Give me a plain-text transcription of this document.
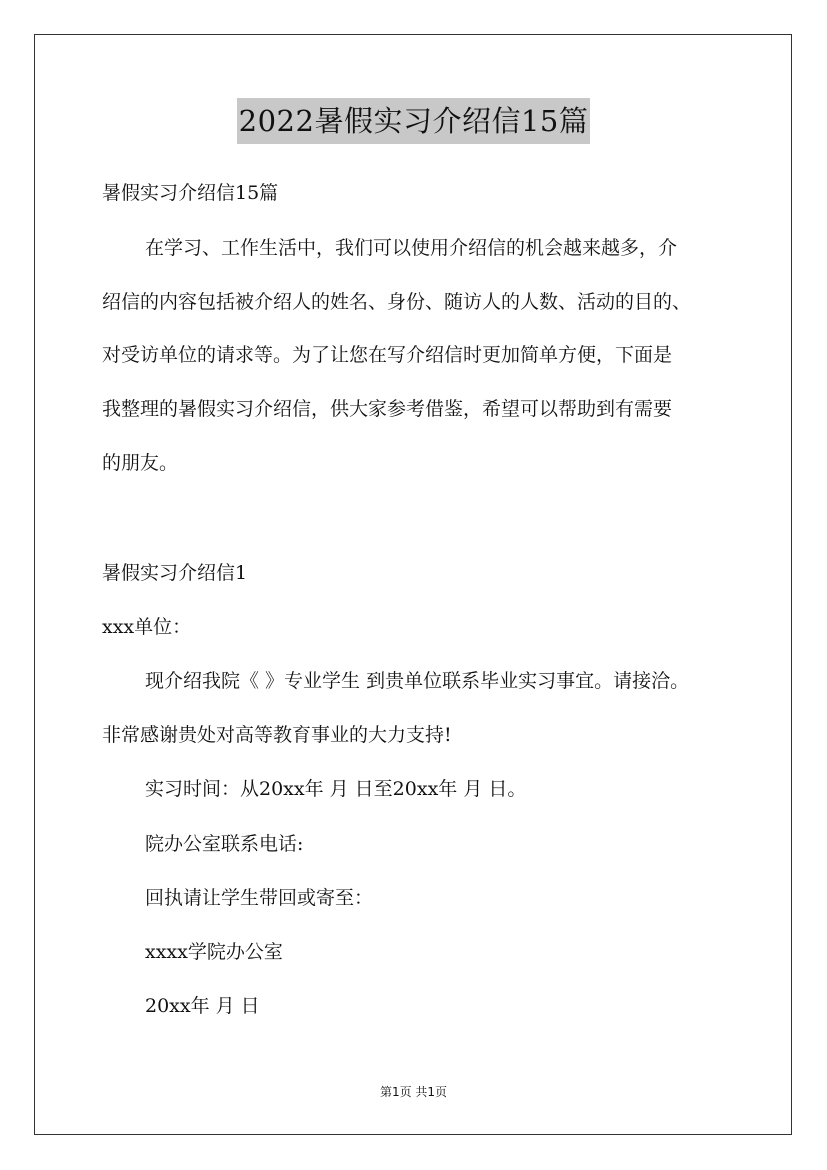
2022暑假实习介绍信15篇
暑假实习介绍信15篇
在学习、工作生活中，我们可以使用介绍信的机会越来越多，介
绍信的内容包括被介绍人的姓名、身份、随访人的人数、活动的目的、
对受访单位的请求等。为了让您在写介绍信时更加简单方便，下面是
我整理的暑假实习介绍信，供大家参考借鉴，希望可以帮助到有需要
的朋友。
暑假实习介绍信1
xxx单位：
现介绍我院《 》专业学生 到贵单位联系毕业实习事宜。请接洽。
非常感谢贵处对高等教育事业的大力支持!
实习时间：从20xx年 月 日至20xx年 月 日。
院办公室联系电话:
回执请让学生带回或寄至：
xxxx学院办公室
20xx年 月 日
第1页 共1页
